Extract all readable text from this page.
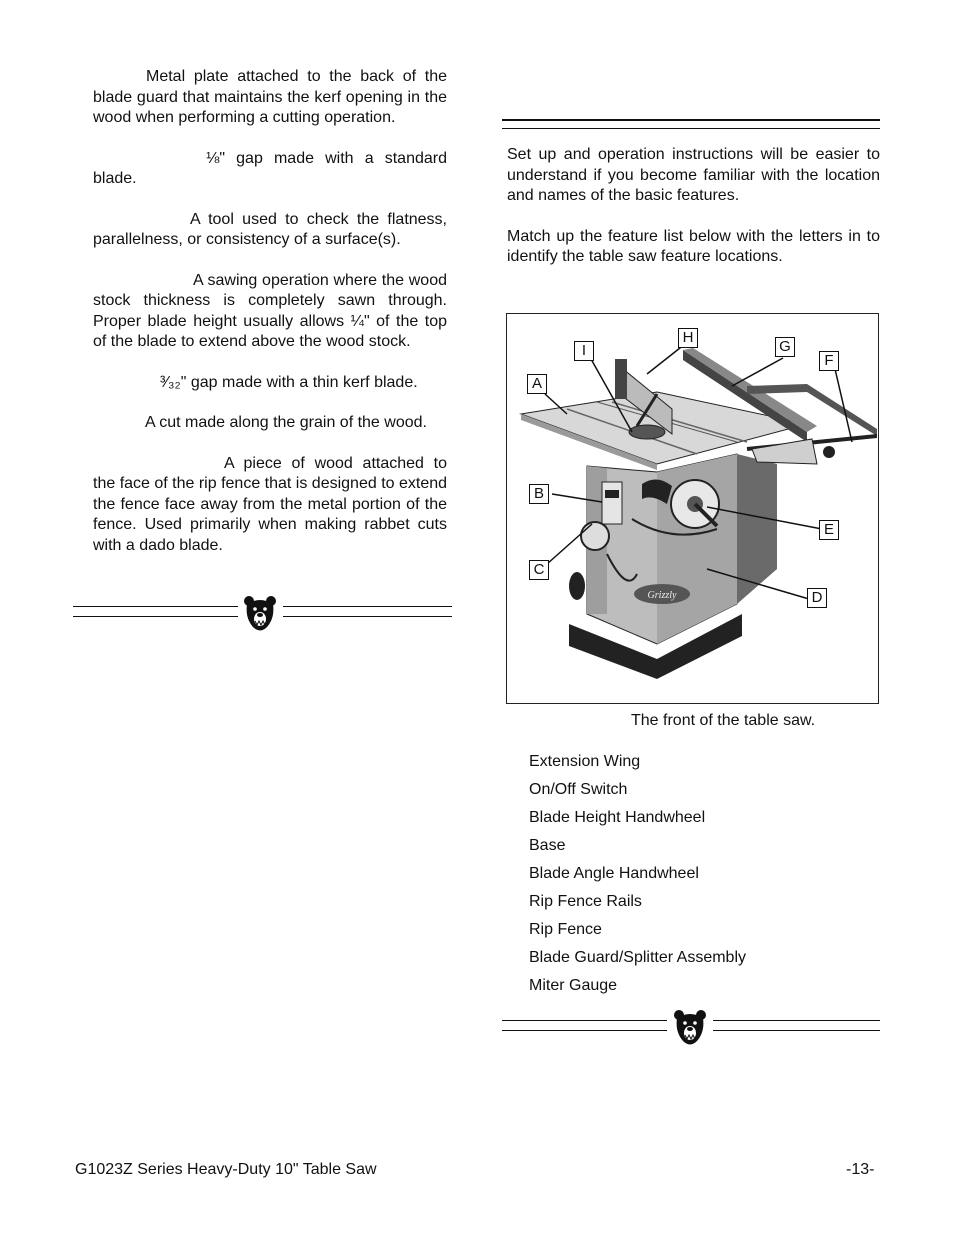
Metal plate attached to the back of the blade guard that maintains the kerf opening in the wood when performing a cutting operation.

⅛" gap made with a standard blade.

A tool used to check the flatness, parallelness, or consistency of a surface(s).

A sawing operation where the wood stock thickness is completely sawn through. Proper blade height usually allows ¼" of the top of the blade to extend above the wood stock.

³⁄₃₂" gap made with a thin kerf blade.

A cut made along the grain of the wood.

A piece of wood attached to the face of the rip fence that is designed to extend the fence face away from the metal portion of the fence. Used primarily when making rabbet cuts with a dado blade.

Set up and operation instructions will be easier to understand if you become familiar with the location and names of the basic features.

Match up the feature list below with the letters in to identify the table saw feature locations.

Grizzly
A
B
C
D
E
F
G
H
I
The front of the table saw.
Extension Wing
On/Off Switch
Blade Height Handwheel
Base
Blade Angle Handwheel
Rip Fence Rails
Rip Fence
Blade Guard/Splitter Assembly
Miter Gauge
G1023Z Series Heavy-Duty 10" Table Saw	-13-
